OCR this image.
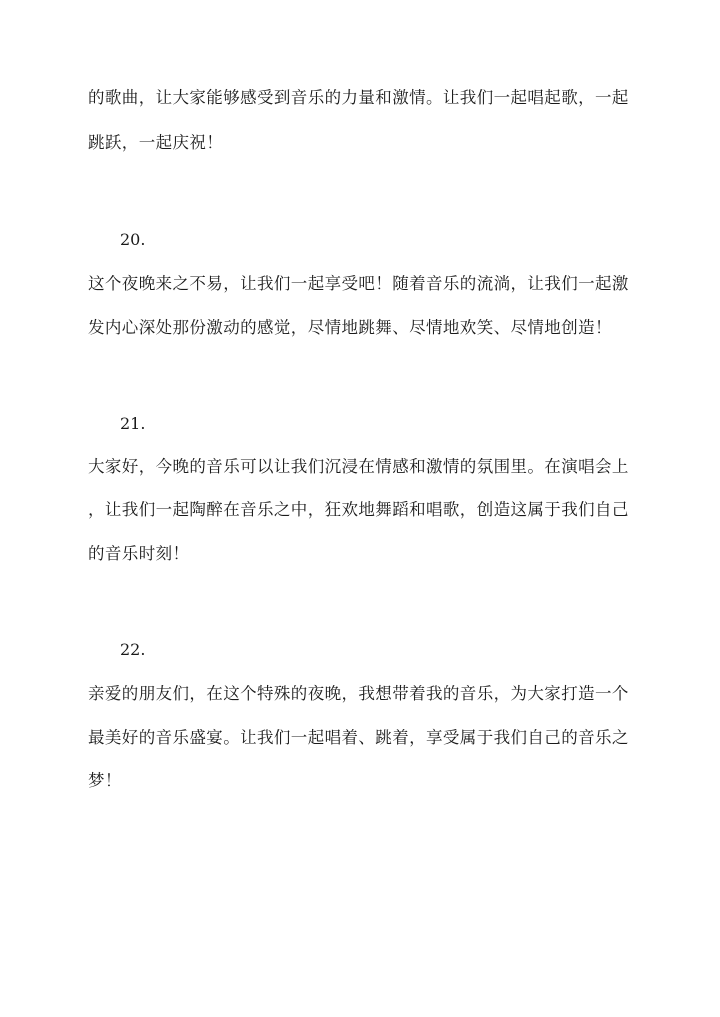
的歌曲，让大家能够感受到音乐的力量和激情。让我们一起唱起歌，一起
跳跃，一起庆祝！
20.
这个夜晚来之不易，让我们一起享受吧！随着音乐的流淌，让我们一起激
发内心深处那份激动的感觉，尽情地跳舞、尽情地欢笑、尽情地创造！
21.
大家好，今晚的音乐可以让我们沉浸在情感和激情的氛围里。在演唱会上
，让我们一起陶醉在音乐之中，狂欢地舞蹈和唱歌，创造这属于我们自己
的音乐时刻！
22.
亲爱的朋友们，在这个特殊的夜晚，我想带着我的音乐，为大家打造一个
最美好的音乐盛宴。让我们一起唱着、跳着，享受属于我们自己的音乐之
梦！
